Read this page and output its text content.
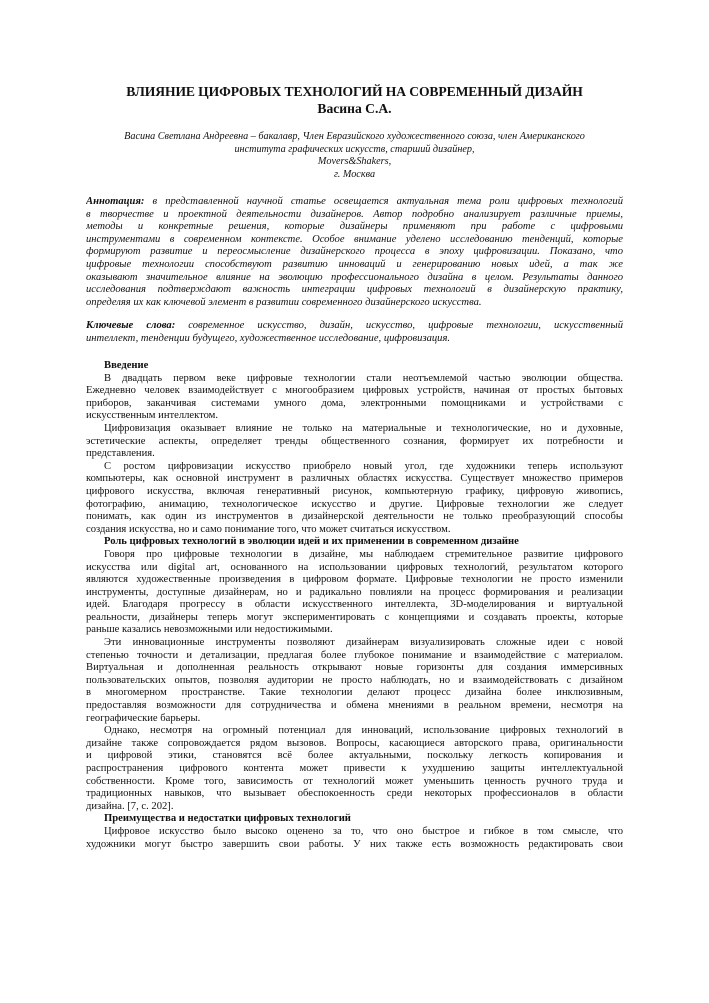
ВЛИЯНИЕ ЦИФРОВЫХ ТЕХНОЛОГИЙ НА СОВРЕМЕННЫЙ ДИЗАЙН
Васина С.А.
Васина Светлана Андреевна – бакалавр, Член Евразийского художественного союза, член Американского
института графических искусств, старший дизайнер,
Movers&Shakers,
г. Москва
Аннотация: в представленной научной статье освещается актуальная тема роли цифровых технологий
в творчестве и проектной деятельности дизайнеров. Автор подробно анализирует различные приемы,
методы и конкретные решения, которые дизайнеры применяют при работе с цифровыми
инструментами в современном контексте. Особое внимание уделено исследованию тенденций, которые
формируют развитие и переосмысление дизайнерского процесса в эпоху цифровизации. Показано, что
цифровые технологии способствуют развитию инноваций и генерированию новых идей, а так же
оказывают значительное влияние на эволюцию профессионального дизайна в целом. Результаты данного
исследования подтверждают важность интеграции цифровых технологий в дизайнерскую практику,
определяя их как ключевой элемент в развитии современного дизайнерского искусства.
Ключевые слова: современное искусство, дизайн, искусство, цифровые технологии, искусственный
интеллект, тенденции будущего, художественное исследование, цифровизация.
Введение
В двадцать первом веке цифровые технологии стали неотъемлемой частью эволюции общества.
Ежедневно человек взаимодействует с многообразием цифровых устройств, начиная от простых бытовых
приборов, заканчивая системами умного дома, электронными помощниками и устройствами с
искусственным интеллектом.
Цифровизация оказывает влияние не только на материальные и технологические, но и духовные,
эстетические аспекты, определяет тренды общественного сознания, формирует их потребности и
представления.
С ростом цифровизации искусство приобрело новый угол, где художники теперь используют
компьютеры, как основной инструмент в различных областях искусства. Существует множество примеров
цифрового искусства, включая генеративный рисунок, компьютерную графику, цифровую живопись,
фотографию, анимацию, технологическое искусство и другие. Цифровые технологии же следует
понимать, как один из инструментов в дизайнерской деятельности не только преобразующий способы
создания искусства, но и само понимание того, что может считаться искусством.
Роль цифровых технологий в эволюции идей и их применении в современном дизайне
Говоря про цифровые технологии в дизайне, мы наблюдаем стремительное развитие цифрового
искусства или digital art, основанного на использовании цифровых технологий, результатом которого
являются художественные произведения в цифровом формате. Цифровые технологии не просто изменили
инструменты, доступные дизайнерам, но и радикально повлияли на процесс формирования и реализации
идей. Благодаря прогрессу в области искусственного интеллекта, 3D-моделирования и виртуальной
реальности, дизайнеры теперь могут экспериментировать с концепциями и создавать проекты, которые
раньше казались невозможными или недостижимыми.
Эти инновационные инструменты позволяют дизайнерам визуализировать сложные идеи с новой
степенью точности и детализации, предлагая более глубокое понимание и взаимодействие с материалом.
Виртуальная и дополненная реальность открывают новые горизонты для создания иммерсивных
пользовательских опытов, позволяя аудитории не просто наблюдать, но и взаимодействовать с дизайном
в многомерном пространстве. Такие технологии делают процесс дизайна более инклюзивным,
предоставляя возможности для сотрудничества и обмена мнениями в реальном времени, несмотря на
географические барьеры.
Однако, несмотря на огромный потенциал для инноваций, использование цифровых технологий в
дизайне также сопровождается рядом вызовов. Вопросы, касающиеся авторского права, оригинальности
и цифровой этики, становятся всё более актуальными, поскольку легкость копирования и
распространения цифрового контента может привести к ухудшению защиты интеллектуальной
собственности. Кроме того, зависимость от технологий может уменьшить ценность ручного труда и
традиционных навыков, что вызывает обеспокоенность среди некоторых профессионалов в области
дизайна. [7, с. 202].
Преимущества и недостатки цифровых технологий
Цифровое искусство было высоко оценено за то, что оно быстрое и гибкое в том смысле, что
художники могут быстро завершить свои работы. У них также есть возможность редактировать свои
